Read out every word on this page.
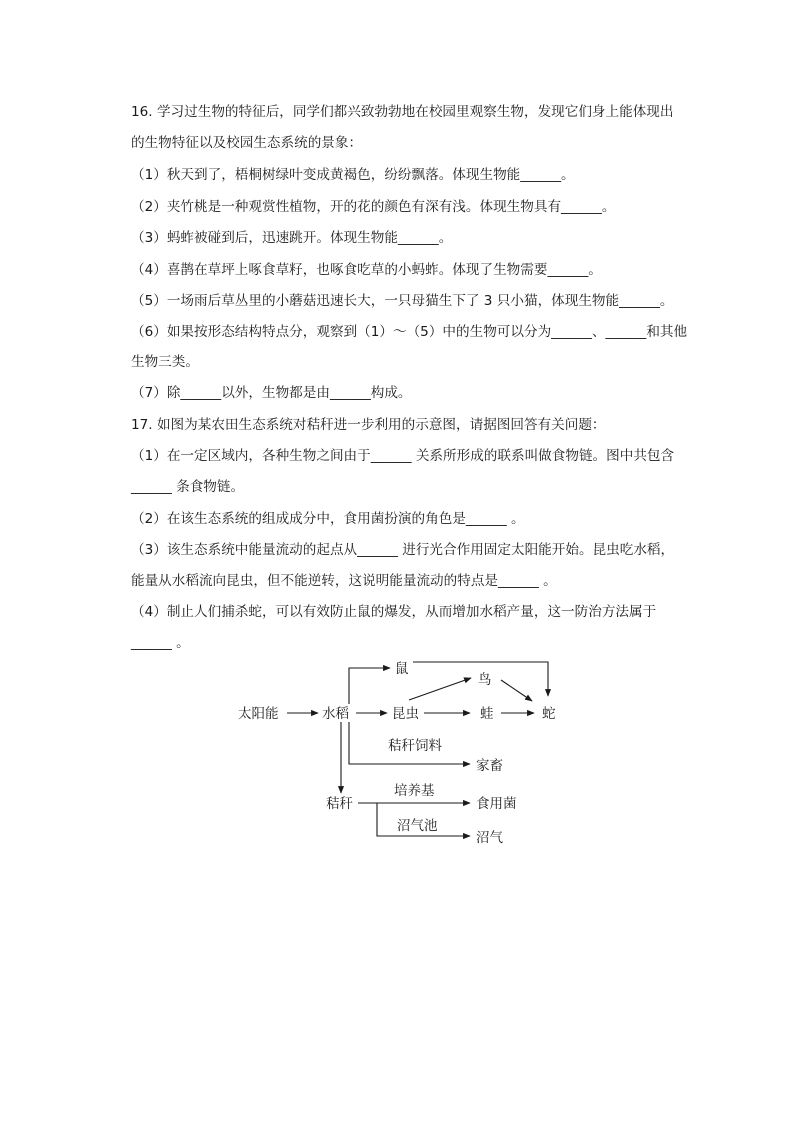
16. 学习过生物的特征后，同学们都兴致勃勃地在校园里观察生物，发现它们身上能体现出
的生物特征以及校园生态系统的景象：
（1）秋天到了，梧桐树绿叶变成黄褐色，纷纷飘落。体现生物能______。
（2）夹竹桃是一种观赏性植物，开的花的颜色有深有浅。体现生物具有______。
（3）蚂蚱被碰到后，迅速跳开。体现生物能______。
（4）喜鹊在草坪上啄食草籽，也啄食吃草的小蚂蚱。体现了生物需要______。
（5）一场雨后草丛里的小蘑菇迅速长大，一只母猫生下了 3 只小猫，体现生物能______。
（6）如果按形态结构特点分，观察到（1）～（5）中的生物可以分为______、______和其他
生物三类。
（7）除______以外，生物都是由______构成。
17. 如图为某农田生态系统对秸秆进一步利用的示意图，请据图回答有关问题：
（1）在一定区域内，各种生物之间由于______ 关系所形成的联系叫做食物链。图中共包含
______ 条食物链。
（2）在该生态系统的组成成分中，食用菌扮演的角色是______ 。
（3）该生态系统中能量流动的起点从______ 进行光合作用固定太阳能开始。昆虫吃水稻，
能量从水稻流向昆虫，但不能逆转，这说明能量流动的特点是______ 。
（4）制止人们捕杀蛇，可以有效防止鼠的爆发，从而增加水稻产量，这一防治方法属于
______ 。
太阳能	水稻
鼠
鸟
昆虫	蛙	蛇
秸秆饲料
家畜
秸秆
培养基
食用菌
沼气池
沼气
